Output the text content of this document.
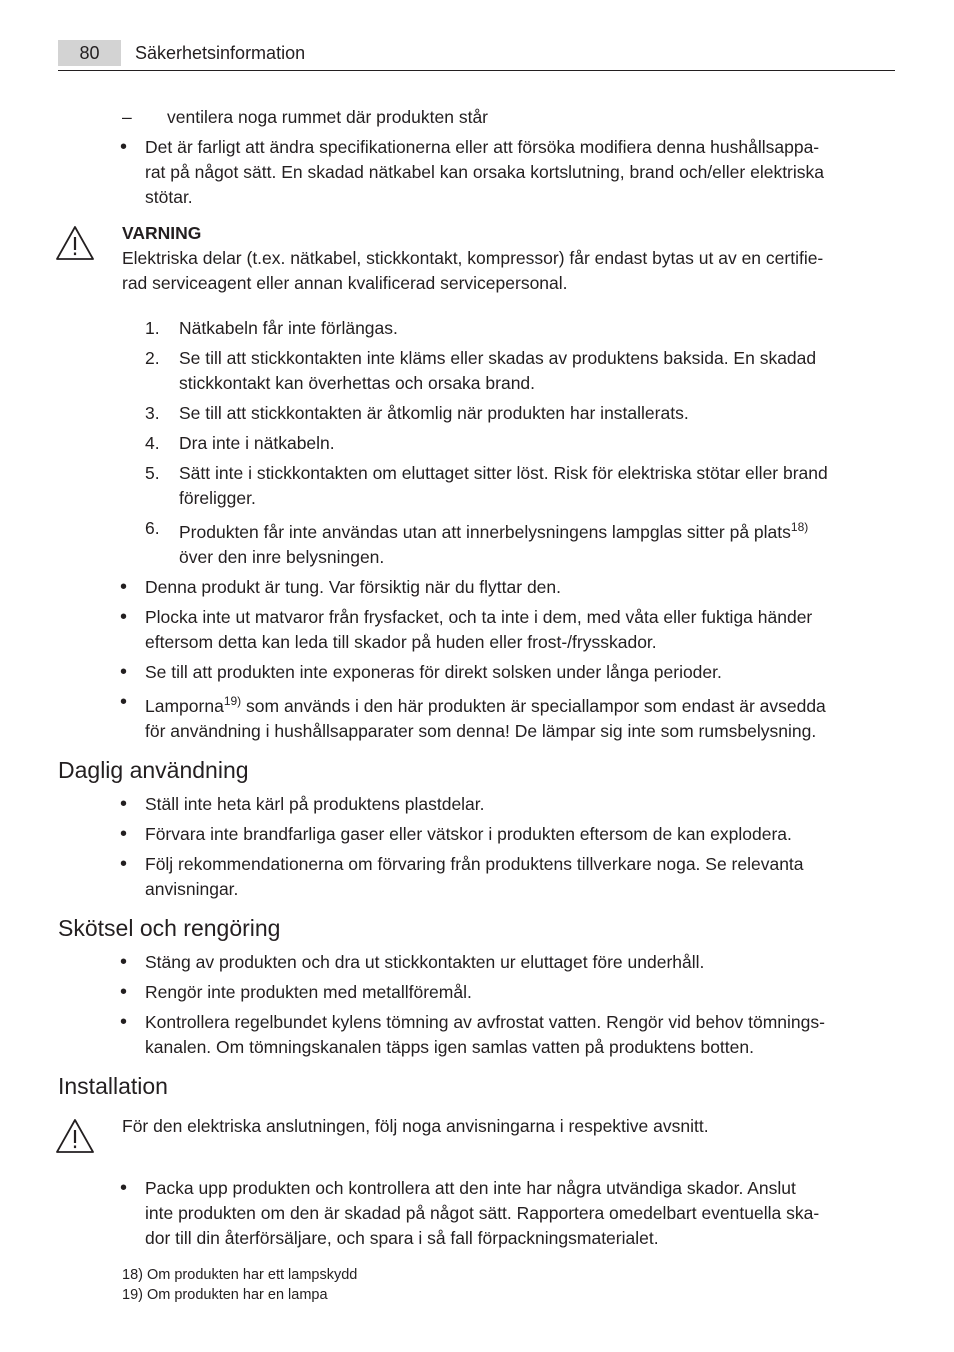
80	Säkerhetsinformation
– ventilera noga rummet där produkten står
• Det är farligt att ändra specifikationerna eller att försöka modifiera denna hushållsappa-
rat på något sätt. En skadad nätkabel kan orsaka kortslutning, brand och/eller elektriska
stötar.
VARNING
Elektriska delar (t.ex. nätkabel, stickkontakt, kompressor) får endast bytas ut av en certifie-
rad serviceagent eller annan kvalificerad servicepersonal.
1. Nätkabeln får inte förlängas.
2. Se till att stickkontakten inte kläms eller skadas av produktens baksida. En skadad
stickkontakt kan överhettas och orsaka brand.
3. Se till att stickkontakten är åtkomlig när produkten har installerats.
4. Dra inte i nätkabeln.
5. Sätt inte i stickkontakten om eluttaget sitter löst. Risk för elektriska stötar eller brand
föreligger.
6. Produkten får inte användas utan att innerbelysningens lampglas sitter på plats$^{18)}$
över den inre belysningen.
• Denna produkt är tung. Var försiktig när du flyttar den.
• Plocka inte ut matvaror från frysfacket, och ta inte i dem, med våta eller fuktiga händer
eftersom detta kan leda till skador på huden eller frost-/frysskador.
• Se till att produkten inte exponeras för direkt solsken under långa perioder.
• Lamporna$^{19)}$ som används i den här produkten är speciallampor som endast är avsedda
för användning i hushållsapparater som denna! De lämpar sig inte som rumsbelysning.
Daglig användning
• Ställ inte heta kärl på produktens plastdelar.
• Förvara inte brandfarliga gaser eller vätskor i produkten eftersom de kan explodera.
• Följ rekommendationerna om förvaring från produktens tillverkare noga. Se relevanta
anvisningar.
Skötsel och rengöring
• Stäng av produkten och dra ut stickkontakten ur eluttaget före underhåll.
• Rengör inte produkten med metallföremål.
• Kontrollera regelbundet kylens tömning av avfrostat vatten. Rengör vid behov tömnings-
kanalen. Om tömningskanalen täpps igen samlas vatten på produktens botten.
Installation
För den elektriska anslutningen, följ noga anvisningarna i respektive avsnitt.
• Packa upp produkten och kontrollera att den inte har några utvändiga skador. Anslut
inte produkten om den är skadad på något sätt. Rapportera omedelbart eventuella ska-
dor till din återförsäljare, och spara i så fall förpackningsmaterialet.
18) Om produkten har ett lampskydd
19) Om produkten har en lampa
